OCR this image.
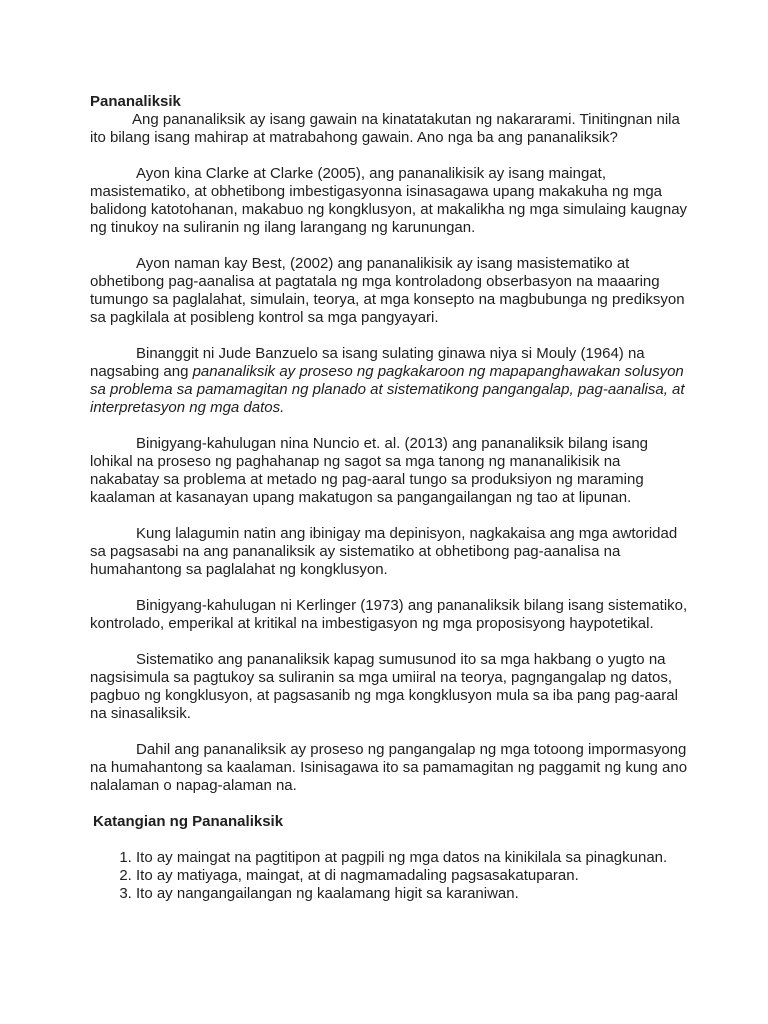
Pananaliksik

Ang pananaliksik ay isang gawain na kinatatakutan ng nakararami. Tinitingnan nila ito bilang isang mahirap at matrabahong gawain. Ano nga ba ang pananaliksik?

Ayon kina Clarke at Clarke (2005), ang pananalikisik ay isang maingat, masistematiko, at obhetibong imbestigasyonna isinasagawa upang makakuha ng mga balidong katotohanan, makabuo ng kongklusyon, at makalikha ng mga simulaing kaugnay ng tinukoy na suliranin ng ilang larangang ng karunungan.

Ayon naman kay Best, (2002) ang pananalikisik ay isang masistematiko at obhetibong pag-aanalisa at pagtatala ng mga kontroladong obserbasyon na maaaring tumungo sa paglalahat, simulain, teorya, at mga konsepto na magbubunga ng prediksyon sa pagkilala at posibleng kontrol sa mga pangyayari.

Binanggit ni Jude Banzuelo sa isang sulating ginawa niya si Mouly (1964) na nagsabing ang pananaliksik ay proseso ng pagkakaroon ng mapapanghawakan solusyon sa problema sa pamamagitan ng planado at sistematikong pangangalap, pag-aanalisa, at interpretasyon ng mga datos.

Binigyang-kahulugan nina Nuncio et. al. (2013) ang pananaliksik bilang isang lohikal na proseso ng paghahanap ng sagot sa mga tanong ng mananalikisik na nakabatay sa problema at metado ng pag-aaral tungo sa produksiyon ng maraming kaalaman at kasanayan upang makatugon sa pangangailangan ng tao at lipunan.

Kung lalagumin natin ang ibinigay ma depinisyon, nagkakaisa ang mga awtoridad sa pagsasabi na ang pananaliksik ay sistematiko at obhetibong pag-aanalisa na humahantong sa paglalahat ng kongklusyon.

Binigyang-kahulugan ni Kerlinger (1973) ang pananaliksik bilang isang sistematiko, kontrolado, emperikal at kritikal na imbestigasyon ng mga proposisyong haypotetikal.

Sistematiko ang pananaliksik kapag sumusunod ito sa mga hakbang o yugto na nagsisimula sa pagtukoy sa suliranin sa mga umiiral na teorya, pagngangalap ng datos, pagbuo ng kongklusyon, at pagsasanib ng mga kongklusyon mula sa iba pang pag-aaral na sinasaliksik.

Dahil ang pananaliksik ay proseso ng pangangalap ng mga totoong impormasyong na humahantong sa kaalaman. Isinisagawa ito sa pamamagitan ng paggamit ng kung ano nalalaman o napag-alaman na.

Katangian ng Pananaliksik

1. Ito ay maingat na pagtitipon at pagpili ng mga datos na kinikilala sa pinagkunan.
2. Ito ay matiyaga, maingat, at di nagmamadaling pagsasakatuparan.
3. Ito ay nangangailangan ng kaalamang higit sa karaniwan.
